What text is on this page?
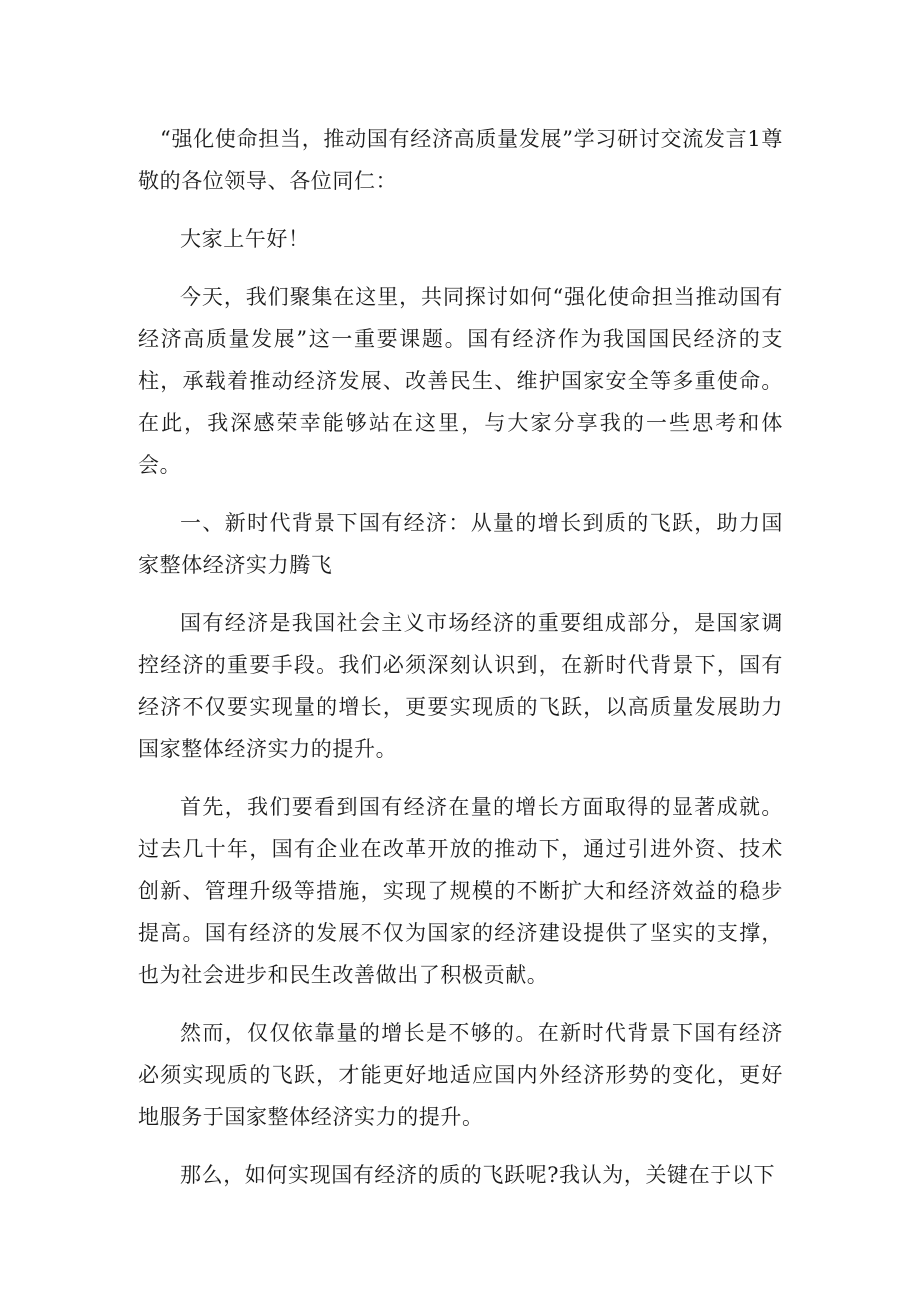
“强化使命担当，推动国有经济高质量发展”学习研讨交流发言1尊敬的各位领导、各位同仁：

大家上午好！

今天，我们聚集在这里，共同探讨如何“强化使命担当推动国有经济高质量发展”这一重要课题。国有经济作为我国国民经济的支柱，承载着推动经济发展、改善民生、维护国家安全等多重使命。在此，我深感荣幸能够站在这里，与大家分享我的一些思考和体会。

一、新时代背景下国有经济：从量的增长到质的飞跃，助力国家整体经济实力腾飞

国有经济是我国社会主义市场经济的重要组成部分，是国家调控经济的重要手段。我们必须深刻认识到，在新时代背景下，国有经济不仅要实现量的增长，更要实现质的飞跃，以高质量发展助力国家整体经济实力的提升。

首先，我们要看到国有经济在量的增长方面取得的显著成就。过去几十年，国有企业在改革开放的推动下，通过引进外资、技术创新、管理升级等措施，实现了规模的不断扩大和经济效益的稳步提高。国有经济的发展不仅为国家的经济建设提供了坚实的支撑，也为社会进步和民生改善做出了积极贡献。

然而，仅仅依靠量的增长是不够的。在新时代背景下国有经济必须实现质的飞跃，才能更好地适应国内外经济形势的变化，更好地服务于国家整体经济实力的提升。

那么，如何实现国有经济的质的飞跃呢?我认为，关键在于以下
